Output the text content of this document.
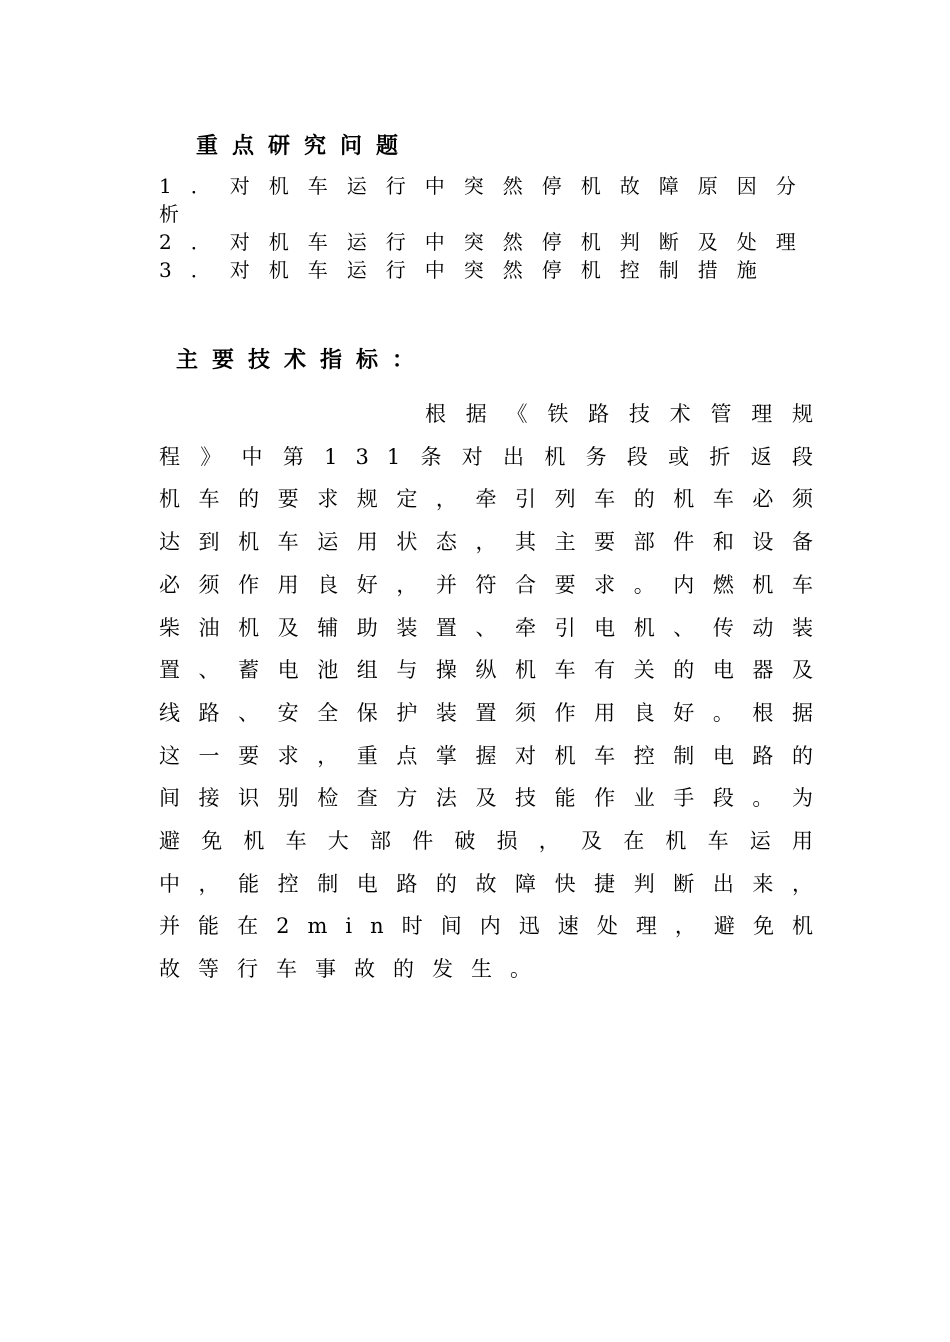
重点研究问题
1．对机车运行中突然停机故障原因分析
2．对机车运行中突然停机判断及处理
3．对机车运行中突然停机控制措施
主要技术指标：
根据《铁路技术管理规程》中第131条对出机务段或折返段机车的要求规定，牵引列车的机车必须达到机车运用状态，其主要部件和设备必须作用良好，并符合要求。内燃机车柴油机及辅助装置、牵引电机、传动装置、蓄电池组与操纵机车有关的电器及线路、安全保护装置须作用良好。根据这一要求，重点掌握对机车控制电路的间接识别检查方法及技能作业手段。为避免机车大部件破损，及在机车运用中，能控制电路的故障快捷判断出来，并能在2min时间内迅速处理，避免机故等行车事故的发生。
